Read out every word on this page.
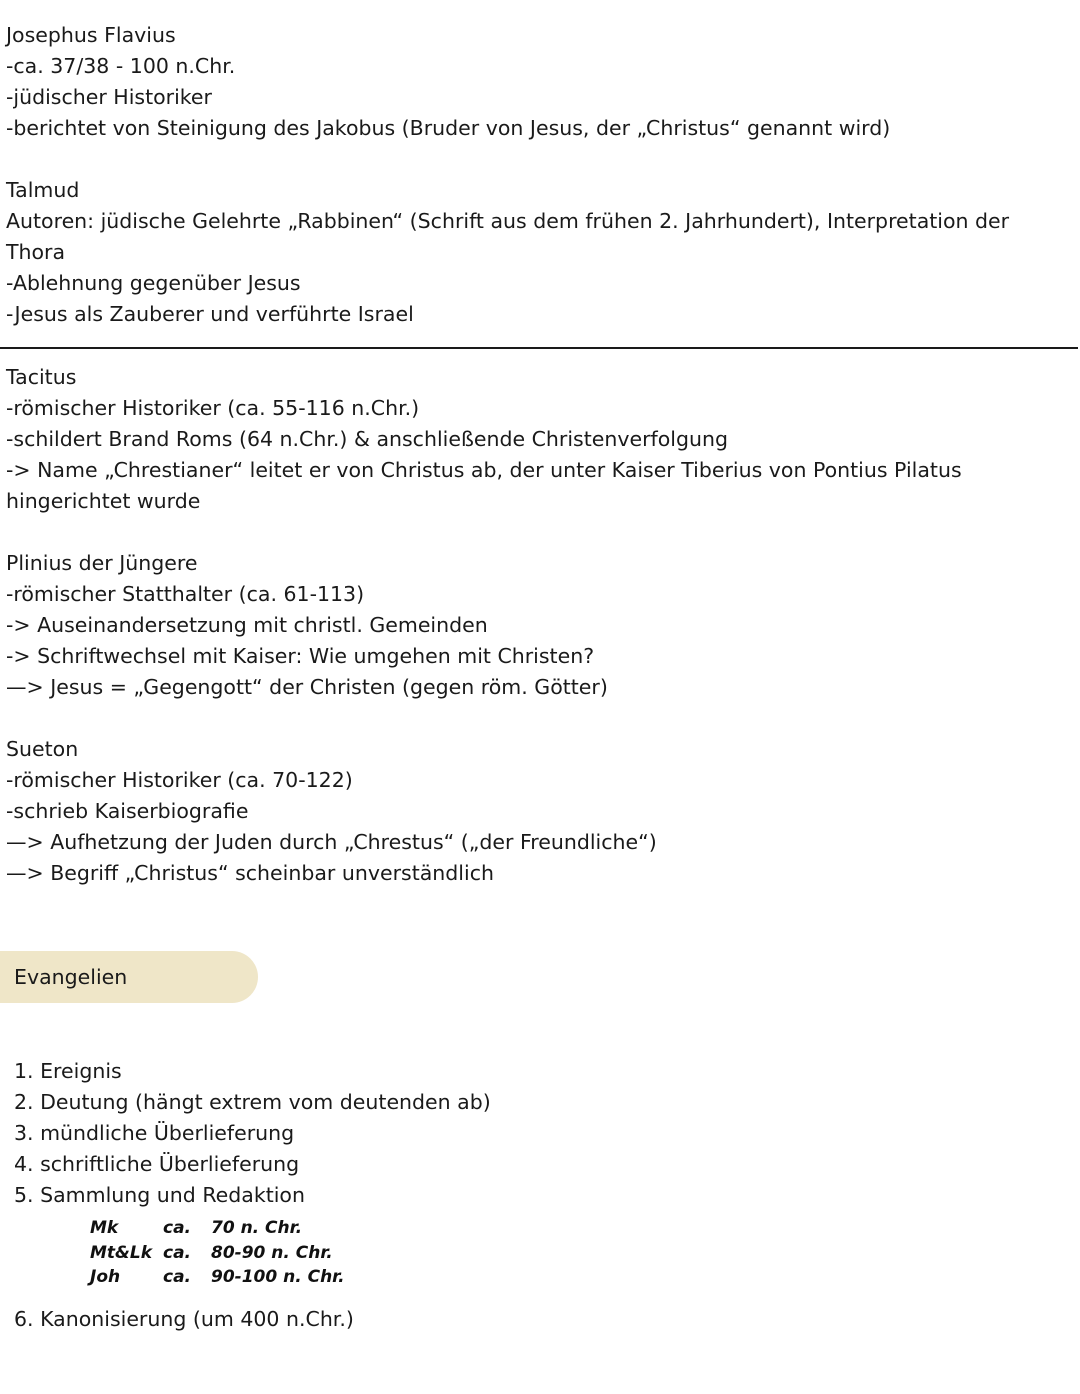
Josephus Flavius

-ca. 37/38 - 100 n.Chr.

-jüdischer Historiker

-berichtet von Steinigung des Jakobus (Bruder von Jesus, der „Christus“ genannt wird)

Talmud

Autoren: jüdische Gelehrte „Rabbinen“ (Schrift aus dem frühen 2. Jahrhundert), Interpretation der

Thora

-Ablehnung gegenüber Jesus

-Jesus als Zauberer und verführte Israel

Tacitus

-römischer Historiker (ca. 55-116 n.Chr.)

-schildert Brand Roms (64 n.Chr.) & anschließende Christenverfolgung

-> Name „Chrestianer“ leitet er von Christus ab, der unter Kaiser Tiberius von Pontius Pilatus

hingerichtet wurde

Plinius der Jüngere

-römischer Statthalter (ca. 61-113)

-> Auseinandersetzung mit christl. Gemeinden

-> Schriftwechsel mit Kaiser: Wie umgehen mit Christen?

—> Jesus = „Gegengott“ der Christen (gegen röm. Götter)

Sueton

-römischer Historiker (ca. 70-122)

-schrieb Kaiserbiografie

—> Aufhetzung der Juden durch „Chrestus“ („der Freundliche“)

—> Begriff „Christus“ scheinbar unverständlich

Evangelien

1. Ereignis

2. Deutung (hängt extrem vom deutenden ab)

3. mündliche Überlieferung

4. schriftliche Überlieferung

5. Sammlung und Redaktion

Mk	ca.	70 n. Chr.
Mt&Lk ca.	80-90 n. Chr.
Joh	ca.	90-100 n. Chr.

6. Kanonisierung (um 400 n.Chr.)
